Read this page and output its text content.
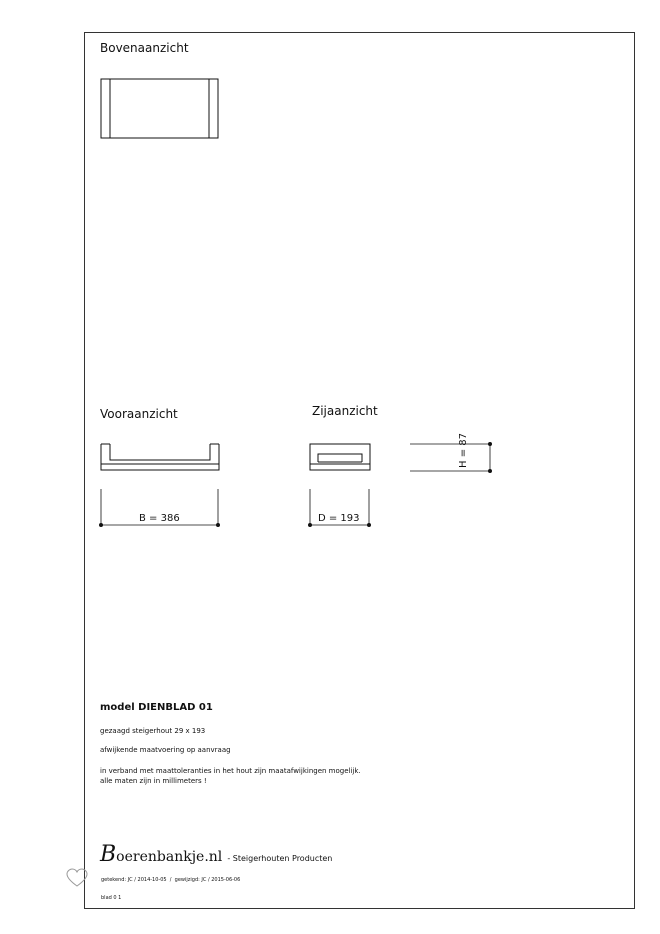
Bovenaanzicht
Vooraanzicht	Zijaanzicht
B = 386	D = 193
H = 87
model DIENBLAD 01
gezaagd steigerhout 29 x 193
afwijkende maatvoering op aanvraag
in verband met maattoleranties in het hout zijn maatafwijkingen mogelijk.
alle maten zijn in millimeters !
Boerenbankje.nl - Steigerhouten Producten
getekend: JC / 2014-10-05 / gewijzigd: JC / 2015-06-06
blad 0 1
